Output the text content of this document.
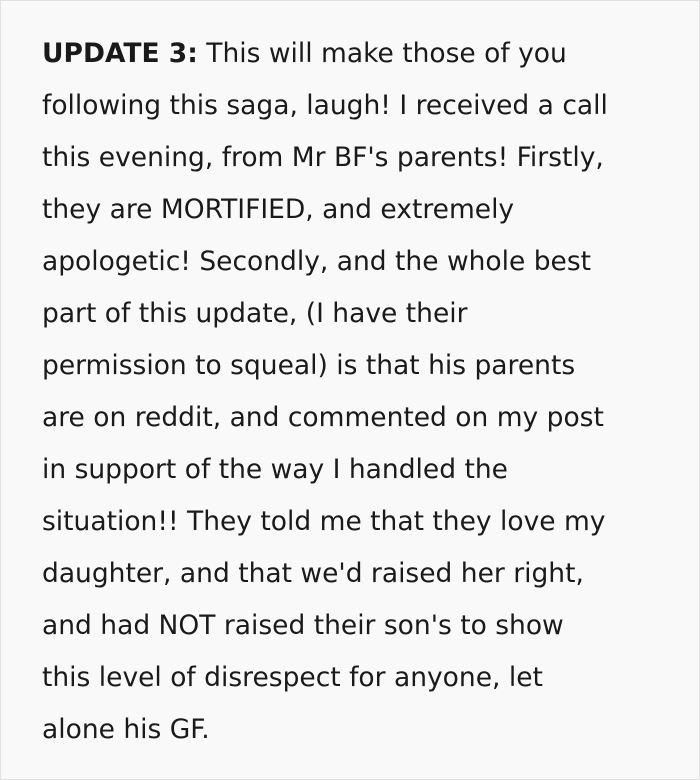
UPDATE 3: This will make those of you
following this saga, laugh! I received a call
this evening, from Mr BF's parents! Firstly,
they are MORTIFIED, and extremely
apologetic! Secondly, and the whole best
part of this update, (I have their
permission to squeal) is that his parents
are on reddit, and commented on my post
in support of the way I handled the
situation!! They told me that they love my
daughter, and that we'd raised her right,
and had NOT raised their son's to show
this level of disrespect for anyone, let
alone his GF.
